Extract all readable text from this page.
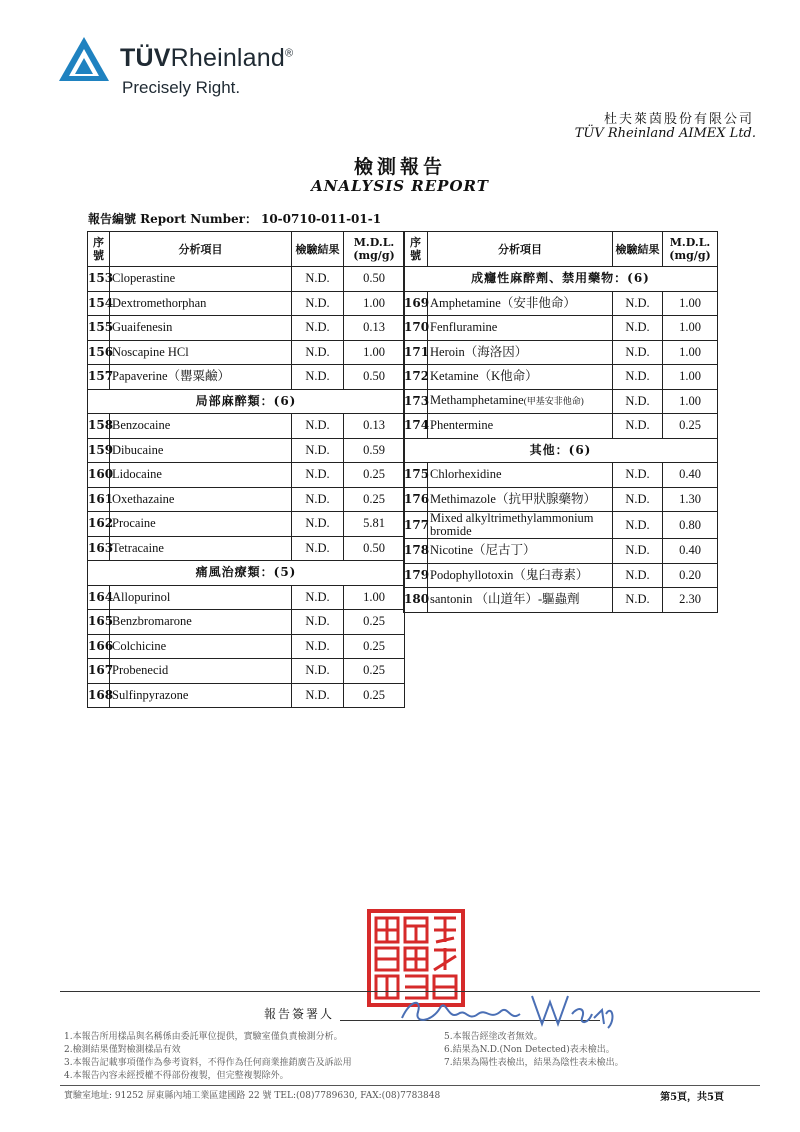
TÜVRheinland®
Precisely Right.
杜夫萊茵股份有限公司
TÜV Rheinland AIMEX Ltd.
檢測報告
ANALYSIS REPORT
報告編號 Report Number： 10-0710-011-01-1
序號	分析項目	檢驗結果	M.D.L.
(mg/g)
153	Cloperastine	N.D.	0.50
154	Dextromethorphan	N.D.	1.00
155	Guaifenesin	N.D.	0.13
156	Noscapine HCl	N.D.	1.00
157	Papaverine（罌粟鹼）	N.D.	0.50
局部麻醉類：(6)			
158	Benzocaine	N.D.	0.13
159	Dibucaine	N.D.	0.59
160	Lidocaine	N.D.	0.25
161	Oxethazaine	N.D.	0.25
162	Procaine	N.D.	5.81
163	Tetracaine	N.D.	0.50
痛風治療類：(5)			
164	Allopurinol	N.D.	1.00
165	Benzbromarone	N.D.	0.25
166	Colchicine	N.D.	0.25
167	Probenecid	N.D.	0.25
168	Sulfinpyrazone	N.D.	0.25
序號	分析項目	檢驗結果	M.D.L.
(mg/g)
成癮性麻醉劑、禁用藥物：(6)			
169	Amphetamine（安非他命）	N.D.	1.00
170	Fenfluramine	N.D.	1.00
171	Heroin（海洛因）	N.D.	1.00
172	Ketamine（K他命）	N.D.	1.00
173	Methamphetamine(甲基安非他命)	N.D.	1.00
174	Phentermine	N.D.	0.25
其他：(6)			
175	Chlorhexidine	N.D.	0.40
176	Methimazole（抗甲狀腺藥物）	N.D.	1.30
177	Mixed alkyltrimethylammonium bromide	N.D.	0.80
178	Nicotine（尼古丁）	N.D.	0.40
179	Podophyllotoxin（鬼臼毒素）	N.D.	0.20
180	santonin （山道年）-驅蟲劑	N.D.	2.30
報告簽署人
1.本報告所用樣品與名稱係由委託單位提供，實驗室僅負責檢測分析。
2.檢測結果僅對檢測樣品有效
3.本報告記載事項僅作為參考資料，不得作為任何商業推銷廣告及訴訟用
4.本報告內容未經授權不得部份複製，但完整複製除外。
5.本報告經塗改者無效。
6.結果為N.D.(Non Detected)表未檢出。
7.結果為陽性表檢出，結果為陰性表未檢出。
實驗室地址: 91252 屏東縣內埔工業區建國路 22 號 TEL:(08)7789630, FAX:(08)7783848	第5頁，共5頁
